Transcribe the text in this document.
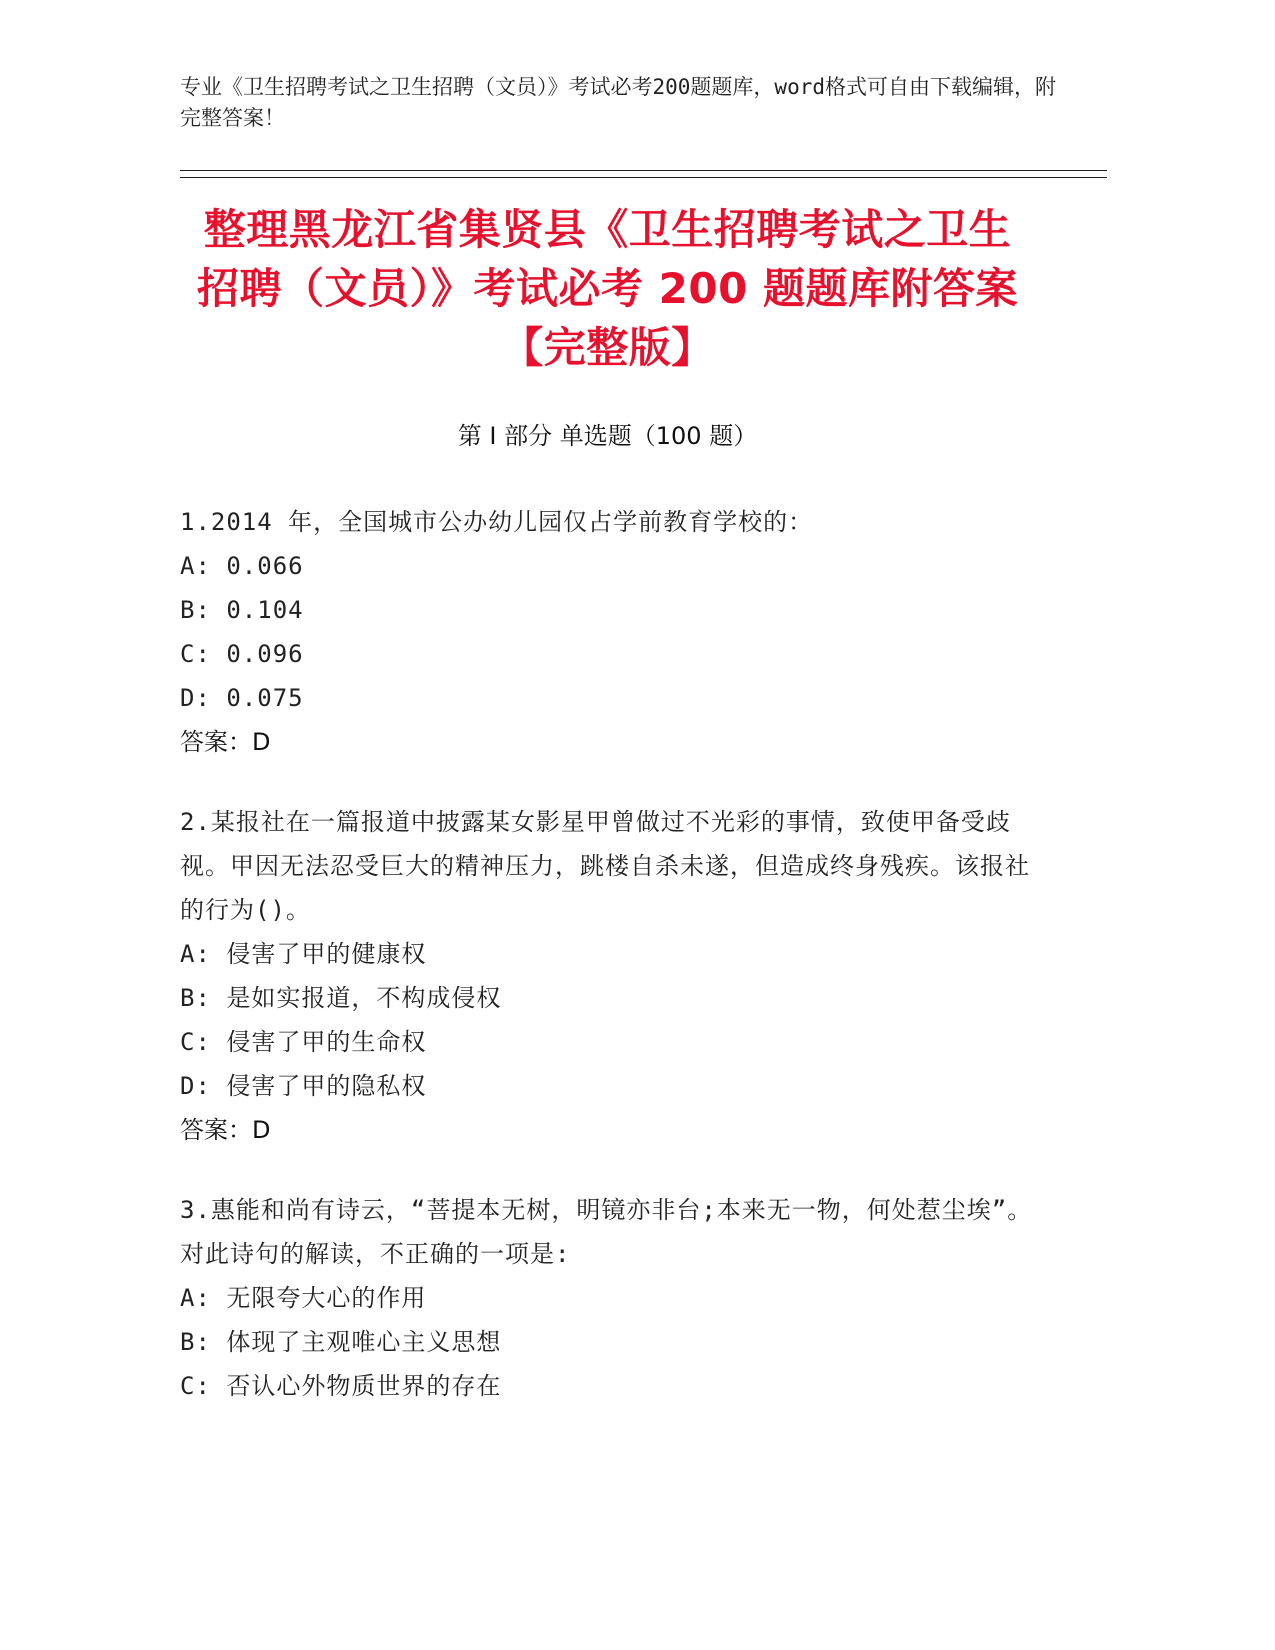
专业《卫生招聘考试之卫生招聘（文员）》考试必考200题题库，word格式可自由下载编辑，附完整答案！
整理黑龙江省集贤县《卫生招聘考试之卫生
招聘（文员）》考试必考 200 题题库附答案
【完整版】
第 I 部分 单选题（100 题）
1.2014 年，全国城市公办幼儿园仅占学前教育学校的：
A: 0.066
B: 0.104
C: 0.096
D: 0.075
答案：D
2.某报社在一篇报道中披露某女影星甲曾做过不光彩的事情，致使甲备受歧视。甲因无法忍受巨大的精神压力，跳楼自杀未遂，但造成终身残疾。该报社的行为()。
A: 侵害了甲的健康权
B: 是如实报道，不构成侵权
C: 侵害了甲的生命权
D: 侵害了甲的隐私权
答案：D
3.惠能和尚有诗云，“菩提本无树，明镜亦非台;本来无一物，何处惹尘埃”。对此诗句的解读，不正确的一项是:
A: 无限夸大心的作用
B: 体现了主观唯心主义思想
C: 否认心外物质世界的存在
